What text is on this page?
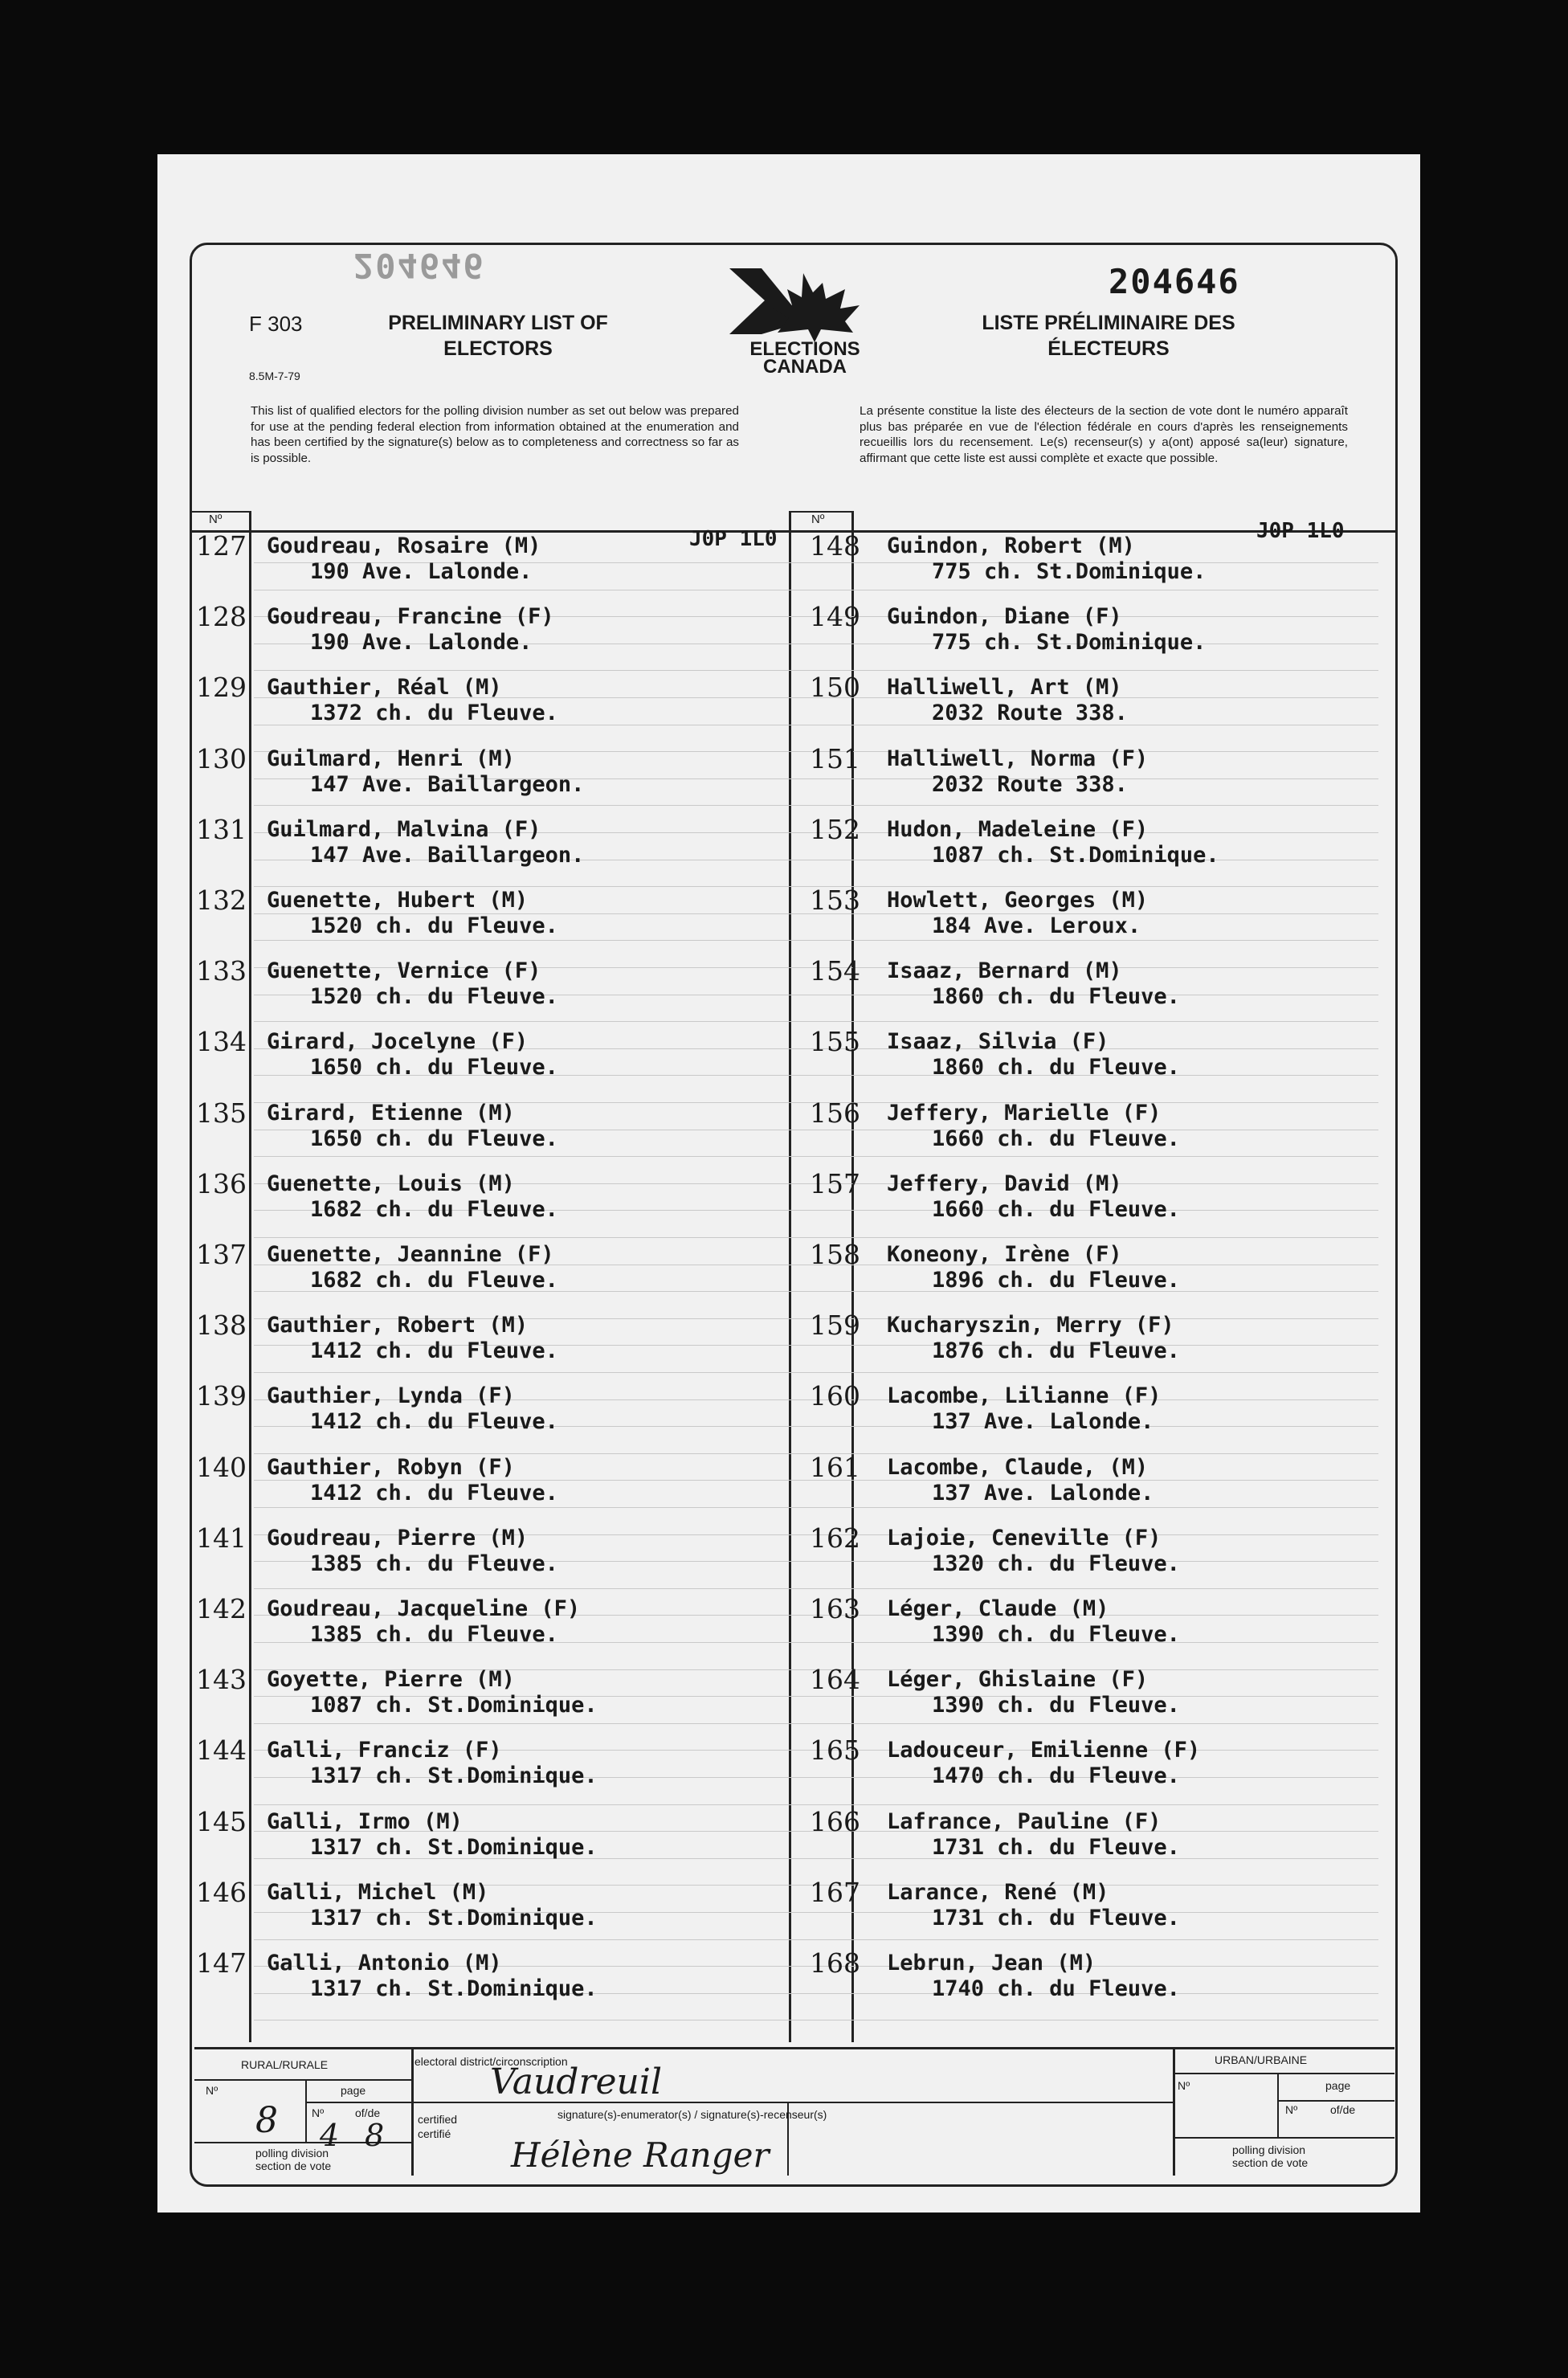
204646
F 303
8.5M-7-79
PRELIMINARY LIST OF ELECTORS	ELECTIONS CANADA
204646
LISTE PRÉLIMINAIRE DES ÉLECTEURS
This list of qualified electors for the polling division number as set out below was prepared for use at the pending federal election from information obtained at the enumeration and has been certified by the signature(s) below as to completeness and correctness so far as is possible.
La présente constitue la liste des électeurs de la section de vote dont le numéro apparaît plus bas préparée en vue de l'élection fédérale en cours d'après les renseignements recueillis lors du recensement. Le(s) recenseur(s) y a(ont) apposé sa(leur) signature, affirmant que cette liste est aussi complète et exacte que possible.
Nº	Nº
J0P 1L0	J0P 1L0
127 Goudreau, Rosaire (M)
190 Ave. Lalonde.
128 Goudreau, Francine (F)
190 Ave. Lalonde.
129 Gauthier, Réal (M)
1372 ch. du Fleuve.
130 Guilmard, Henri (M)
147 Ave. Baillargeon.
131 Guilmard, Malvina (F)
147 Ave. Baillargeon.
132 Guenette, Hubert (M)
1520 ch. du Fleuve.
133 Guenette, Vernice (F)
1520 ch. du Fleuve.
134 Girard, Jocelyne (F)
1650 ch. du Fleuve.
135 Girard, Etienne (M)
1650 ch. du Fleuve.
136 Guenette, Louis (M)
1682 ch. du Fleuve.
137 Guenette, Jeannine (F)
1682 ch. du Fleuve.
138 Gauthier, Robert (M)
1412 ch. du Fleuve.
139 Gauthier, Lynda (F)
1412 ch. du Fleuve.
140 Gauthier, Robyn (F)
1412 ch. du Fleuve.
141 Goudreau, Pierre (M)
1385 ch. du Fleuve.
142 Goudreau, Jacqueline (F)
1385 ch. du Fleuve.
143 Goyette, Pierre (M)
1087 ch. St.Dominique.
144 Galli, Franciz (F)
1317 ch. St.Dominique.
145 Galli, Irmo (M)
1317 ch. St.Dominique.
146 Galli, Michel (M)
1317 ch. St.Dominique.
147 Galli, Antonio (M)
1317 ch. St.Dominique.
148	Guindon, Robert (M)
775 ch. St.Dominique.
149	Guindon, Diane (F)
775 ch. St.Dominique.
150	Halliwell, Art (M)
2032 Route 338.
151	Halliwell, Norma (F)
2032 Route 338.
152	Hudon, Madeleine (F)
1087 ch. St.Dominique.
153	Howlett, Georges (M)
184 Ave. Leroux.
154	Isaaz, Bernard (M)
1860 ch. du Fleuve.
155	Isaaz, Silvia (F)
1860 ch. du Fleuve.
156	Jeffery, Marielle (F)
1660 ch. du Fleuve.
157	Jeffery, David (M)
1660 ch. du Fleuve.
158	Koneony, Irène (F)
1896 ch. du Fleuve.
159	Kucharyszin, Merry (F)
1876 ch. du Fleuve.
160	Lacombe, Lilianne (F)
137 Ave. Lalonde.
161	Lacombe, Claude, (M)
137 Ave. Lalonde.
162	Lajoie, Ceneville (F)
1320 ch. du Fleuve.
163	Léger, Claude (M)
1390 ch. du Fleuve.
164	Léger, Ghislaine (F)
1390 ch. du Fleuve.
165	Ladouceur, Emilienne (F)
1470 ch. du Fleuve.
166	Lafrance, Pauline (F)
1731 ch. du Fleuve.
167	Larance, René (M)
1731 ch. du Fleuve.
168	Lebrun, Jean (M)
1740 ch. du Fleuve.
RURAL/RURALE
Nº	page
Nº	of/de
polling division
section de vote
8 4 8
electoral district/circonscription
Vaudreuil
certified
certifié
signature(s)-enumerator(s) / signature(s)-recenseur(s)
Hélène Ranger
URBAN/URBAINE
Nº	page
Nº	of/de
polling division
section de vote
